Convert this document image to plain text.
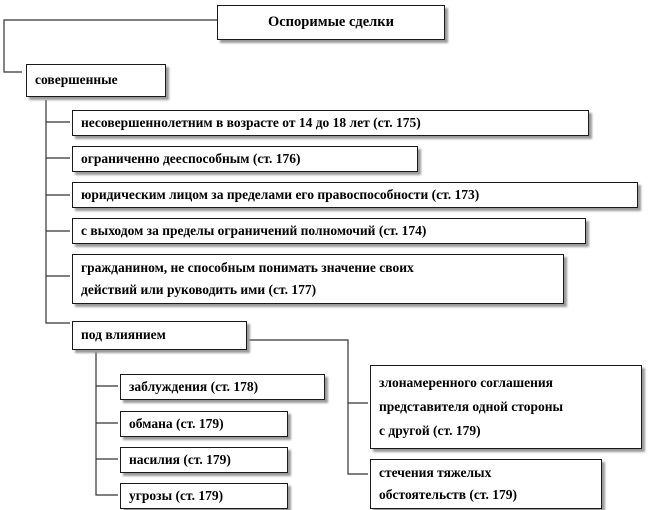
Оспоримые сделки
совершенные
несовершеннолетним в возрасте от 14 до 18 лет (ст. 175)
ограниченно дееспособным (ст. 176)
юридическим лицом за пределами его правоспособности (ст. 173)
с выходом за пределы ограничений полномочий (ст. 174)
гражданином, не способным понимать значение своих
действий или руководить ими (ст. 177)
под влиянием
заблуждения (ст. 178)
обмана (ст. 179)
насилия (ст. 179)
угрозы (ст. 179)
злонамеренного соглашения
представителя одной стороны
с другой (ст. 179)
стечения тяжелых
обстоятельств (ст. 179)
